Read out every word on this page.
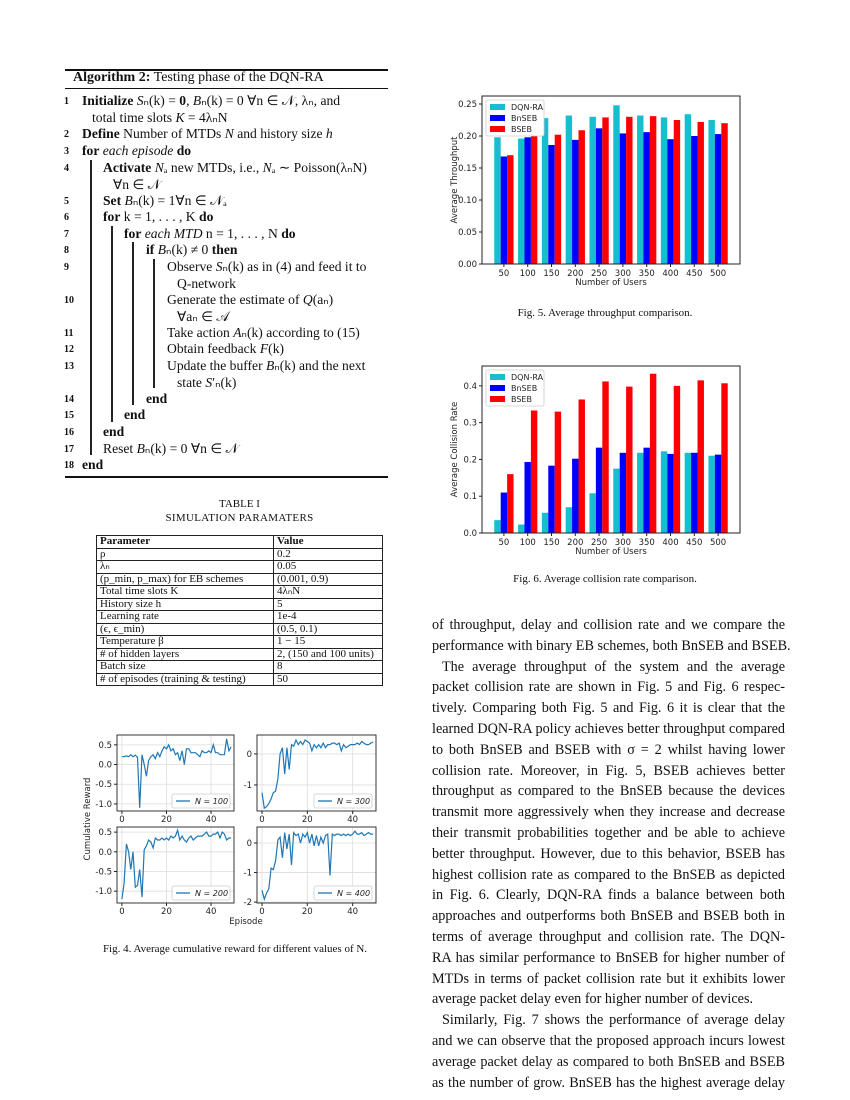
Algorithm 2: Testing phase of the DQN-RA
1 Initialize Sₙ(k) = 0, Bₙ(k) = 0 ∀n ∈ 𝒩, λₙ, and
total time slots K = 4λₙN
2 Define Number of MTDs N and history size h
3 for each episode do
4	Activate Nₐ new MTDs, i.e., Nₐ ∼ Poisson(λₙN)
∀n ∈ 𝒩
5	Set Bₙ(k) = 1∀n ∈ 𝒩ₐ
6	for k = 1, . . . , K do
7	for each MTD n = 1, . . . , N do
8	if Bₙ(k) ≠ 0 then
9	Observe Sₙ(k) as in (4) and feed it to
Q-network
10	Generate the estimate of Q(aₙ)
∀aₙ ∈ 𝒜
11	Take action Aₙ(k) according to (15)
12	Obtain feedback F(k)
13	Update the buffer Bₙ(k) and the next
state S′ₙ(k)
14	end
15	end
16 end
17 Reset Bₙ(k) = 0 ∀n ∈ 𝒩
18 end
TABLE I
SIMULATION PARAMATERS
Parameter	Value
ρ	0.2
λₙ	0.05
(p_min, p_max) for EB schemes	(0.001, 0.9)
Total time slots K	4λₙN
History size h	5
Learning rate	1e-4
(ϵ, ϵ_min)	(0.5, 0.1)
Temperature β	1 − 15
# of hidden layers	2, (150 and 100 units)
Batch size	8
# of episodes (training & testing)	50
-1.0
-0.5
0.0
0.5
0	20	40
N = 100
-1
0
0	20	40
N = 300
-1.0
-0.5
0.0
0.5
0	20	40
N = 200
-2
-1
0
0	20	40
N = 400
Episode
Cumulative Reward
Fig. 4. Average cumulative reward for different values of N.
0.00
0.05
0.10
0.15
0.20
0.25
50 100 150 200 250 300 350 400 450 500
Number of Users
Average Throughput
DQN-RA
BnSEB
BSEB
Fig. 5. Average throughput comparison.
0.0
0.1
0.2
0.3
0.4
50 100 150 200 250 300 350 400 450 500
Number of Users
Average Collision Rate
DQN-RA
BnSEB
BSEB
Fig. 6. Average collision rate comparison.
of throughput, delay and collision rate and we compare the
performance with binary EB schemes, both BnSEB and BSEB.
The average throughput of the system and the average
packet collision rate are shown in Fig. 5 and Fig. 6 respec-
tively. Comparing both Fig. 5 and Fig. 6 it is clear that the
learned DQN-RA policy achieves better throughput compared
to both BnSEB and BSEB with σ = 2 whilst having lower
collision rate. Moreover, in Fig. 5, BSEB achieves better
throughput as compared to the BnSEB because the devices
transmit more aggressively when they increase and decrease
their transmit probabilities together and be able to achieve
better throughput. However, due to this behavior, BSEB has
highest collision rate as compared to the BnSEB as depicted
in Fig. 6. Clearly, DQN-RA finds a balance between both
approaches and outperforms both BnSEB and BSEB both in
terms of average throughput and collision rate. The DQN-
RA has similar performance to BnSEB for higher number of
MTDs in terms of packet collision rate but it exhibits lower
average packet delay even for higher number of devices.
Similarly, Fig. 7 shows the performance of average delay
and we can observe that the proposed approach incurs lowest
average packet delay as compared to both BnSEB and BSEB
as the number of grow. BnSEB has the highest average delay
